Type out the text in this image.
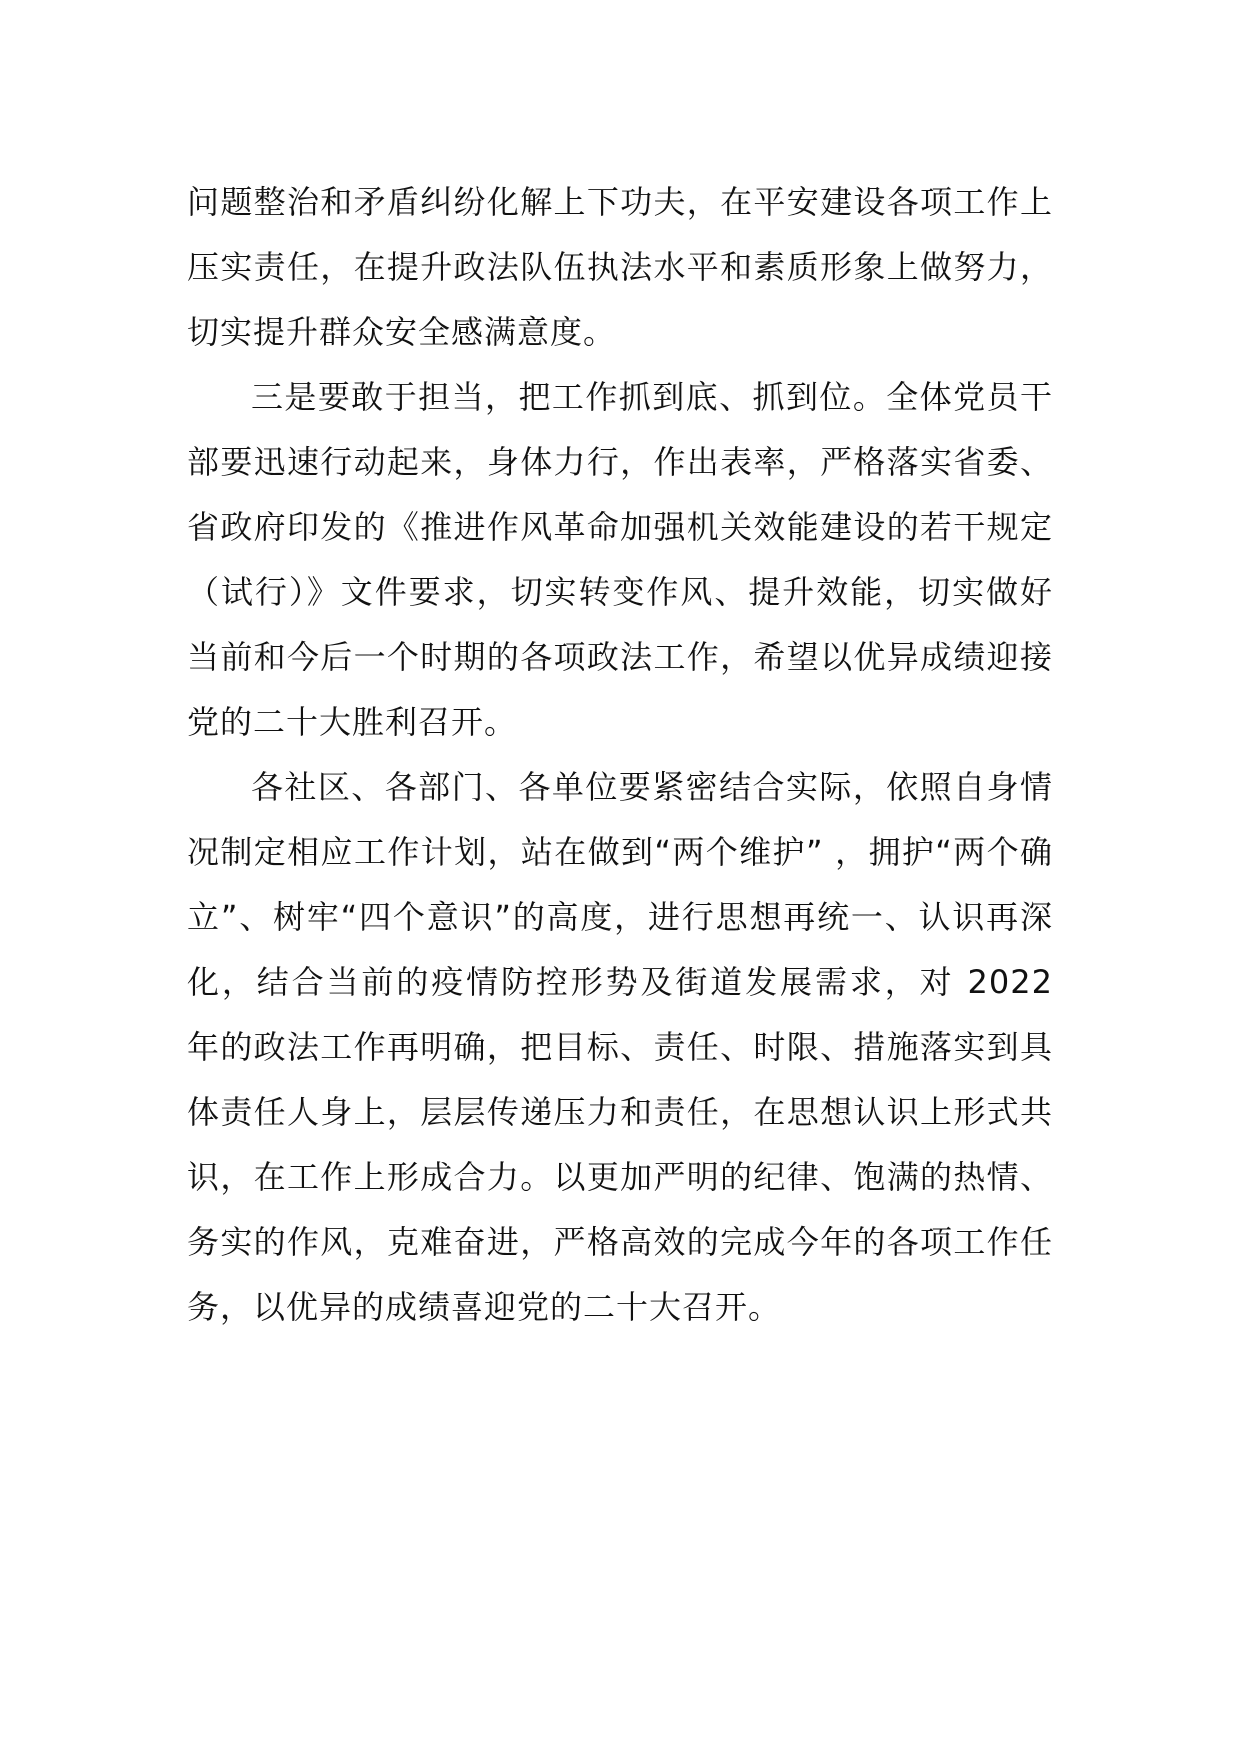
问题整治和矛盾纠纷化解上下功夫，在平安建设各项工作上压实责任，在提升政法队伍执法水平和素质形象上做努力，切实提升群众安全感满意度。

三是要敢于担当，把工作抓到底、抓到位。全体党员干部要迅速行动起来，身体力行，作出表率，严格落实省委、省政府印发的《推进作风革命加强机关效能建设的若干规定（试行）》文件要求，切实转变作风、提升效能，切实做好当前和今后一个时期的各项政法工作，希望以优异成绩迎接党的二十大胜利召开。

各社区、各部门、各单位要紧密结合实际，依照自身情况制定相应工作计划，站在做到“两个维护” ，拥护“两个确立”、树牢“四个意识”的高度，进行思想再统一、认识再深化，结合当前的疫情防控形势及街道发展需求，对 2022 年的政法工作再明确，把目标、责任、时限、措施落实到具体责任人身上，层层传递压力和责任，在思想认识上形式共识，在工作上形成合力。以更加严明的纪律、饱满的热情、务实的作风，克难奋进，严格高效的完成今年的各项工作任务，以优异的成绩喜迎党的二十大召开。
